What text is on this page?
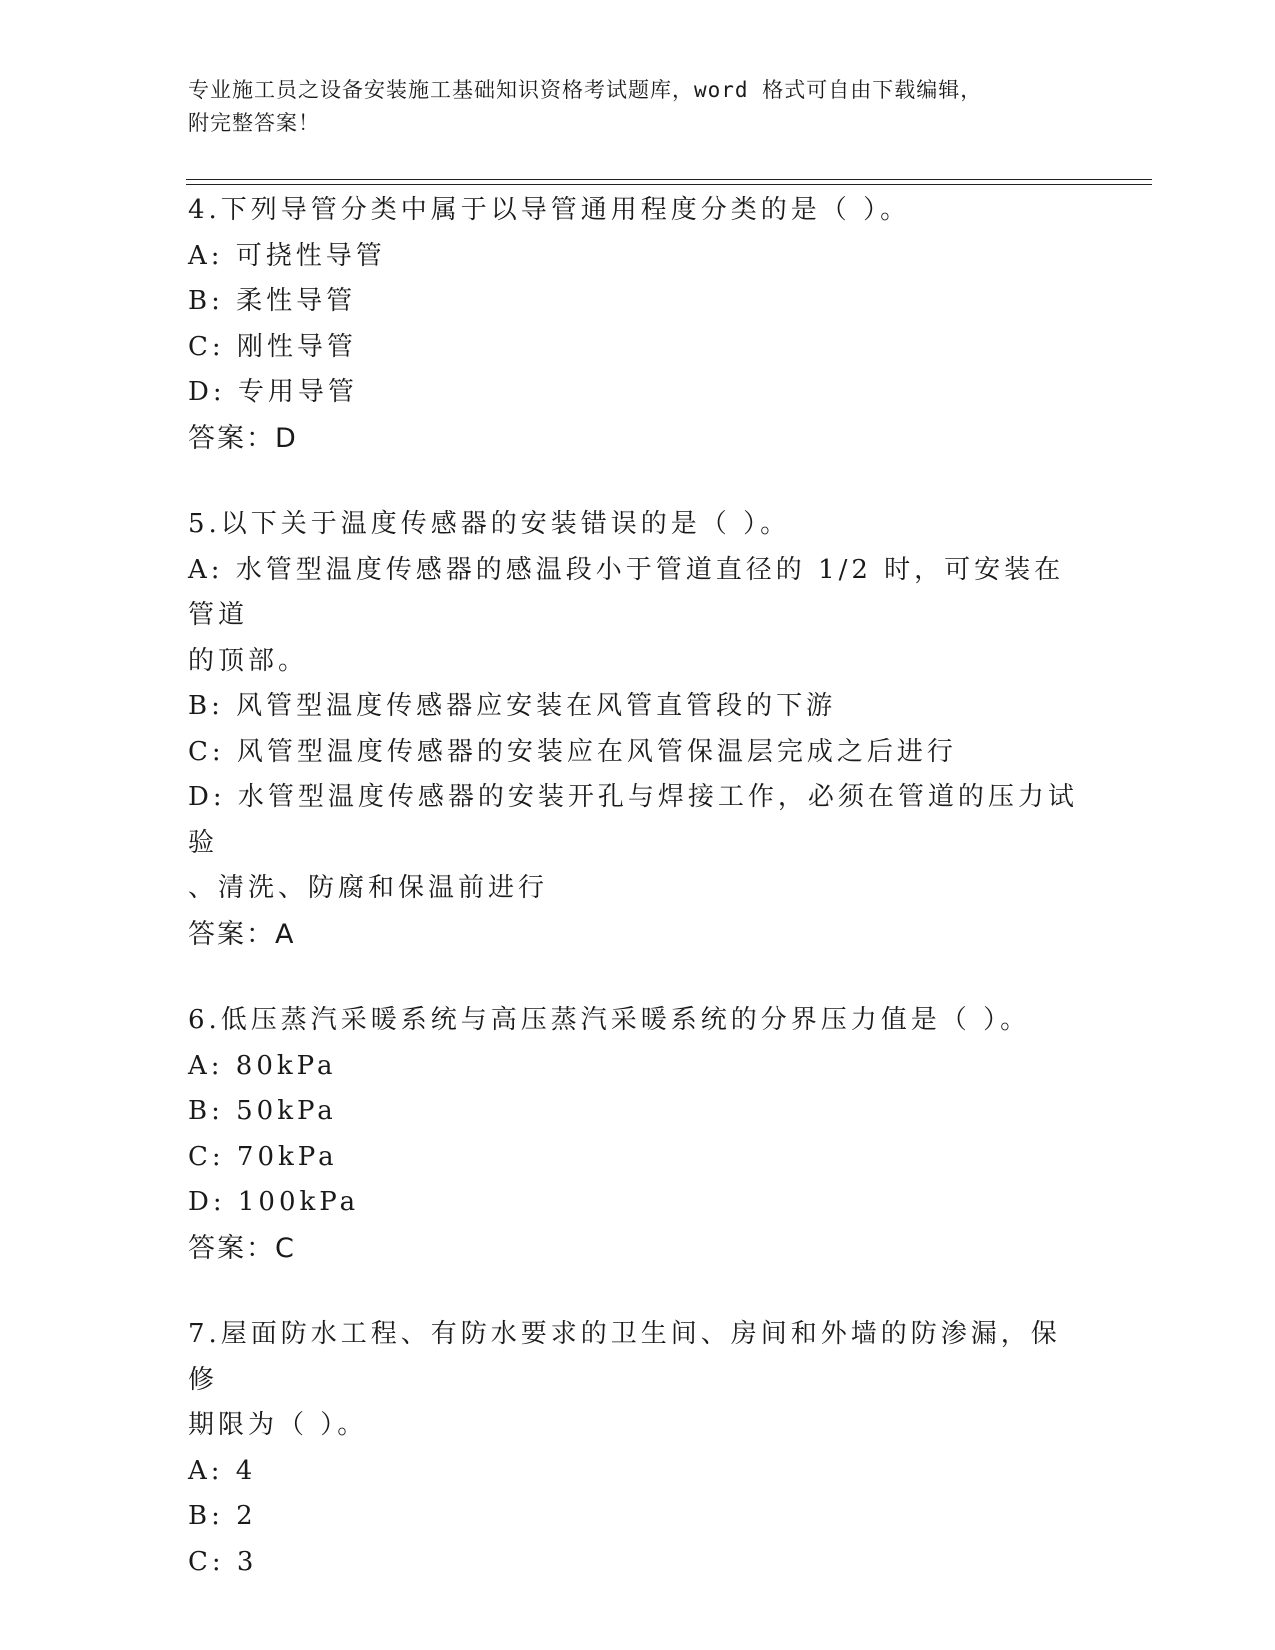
专业施工员之设备安装施工基础知识资格考试题库，word 格式可自由下载编辑，
附完整答案！
4.下列导管分类中属于以导管通用程度分类的是（ ）。
A: 可挠性导管
B: 柔性导管
C: 刚性导管
D: 专用导管
答案：D
5.以下关于温度传感器的安装错误的是（ ）。
A: 水管型温度传感器的感温段小于管道直径的 1/2 时，可安装在管道
的顶部。
B: 风管型温度传感器应安装在风管直管段的下游
C: 风管型温度传感器的安装应在风管保温层完成之后进行
D: 水管型温度传感器的安装开孔与焊接工作，必须在管道的压力试验
、清洗、防腐和保温前进行
答案：A
6.低压蒸汽采暖系统与高压蒸汽采暖系统的分界压力值是（ ）。
A: 80kPa
B: 50kPa
C: 70kPa
D: 100kPa
答案：C
7.屋面防水工程、有防水要求的卫生间、房间和外墙的防渗漏，保修
期限为（ ）。
A: 4
B: 2
C: 3
